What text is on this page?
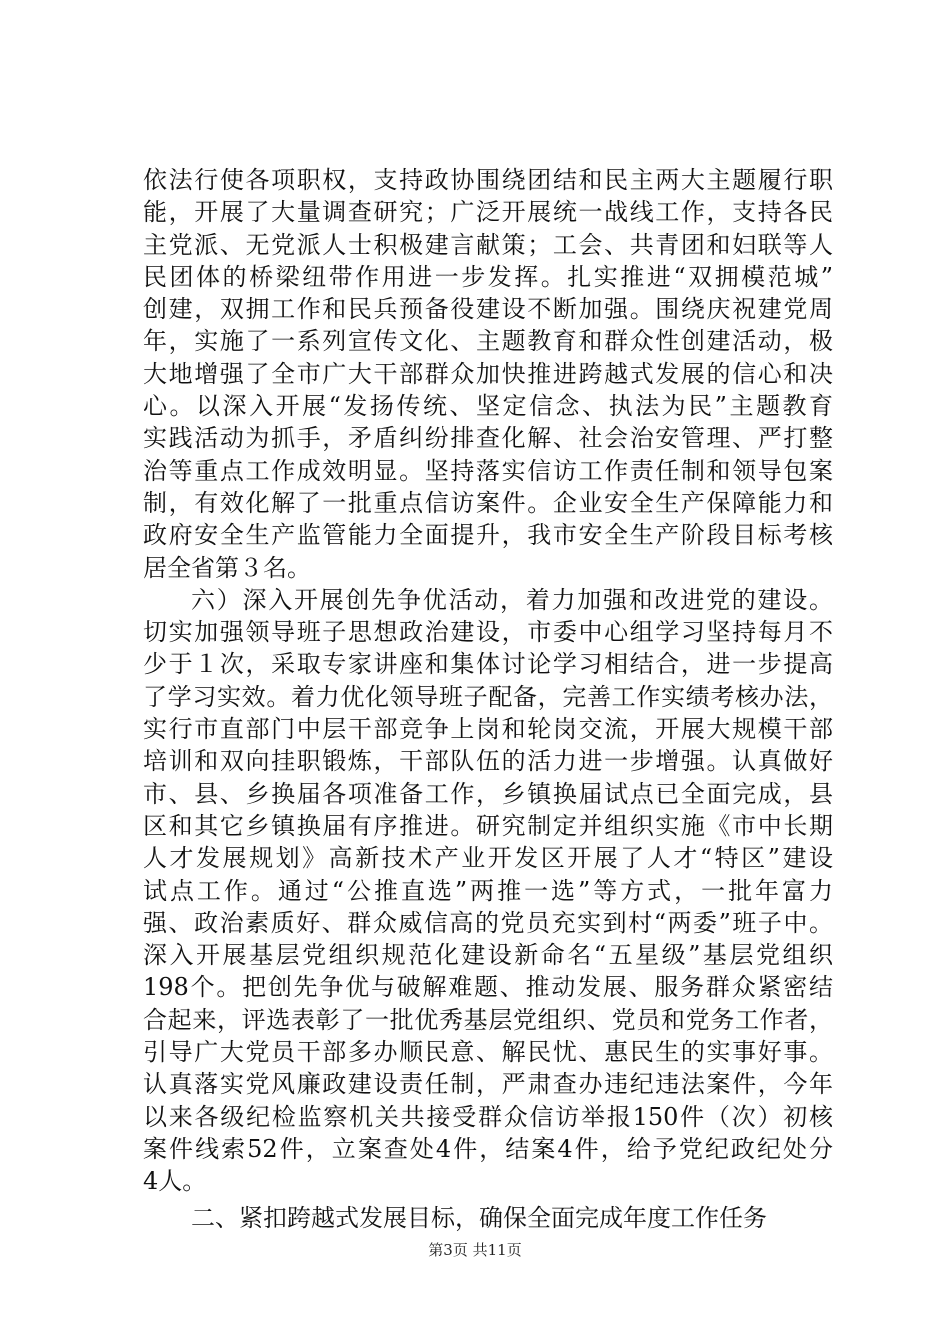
依法行使各项职权，支持政协围绕团结和民主两大主题履行职
能，开展了大量调查研究；广泛开展统一战线工作，支持各民
主党派、无党派人士积极建言献策；工会、共青团和妇联等人
民团体的桥梁纽带作用进一步发挥。扎实推进“双拥模范城”
创建，双拥工作和民兵预备役建设不断加强。围绕庆祝建党周
年，实施了一系列宣传文化、主题教育和群众性创建活动，极
大地增强了全市广大干部群众加快推进跨越式发展的信心和决
心。以深入开展“发扬传统、坚定信念、执法为民”主题教育
实践活动为抓手，矛盾纠纷排查化解、社会治安管理、严打整
治等重点工作成效明显。坚持落实信访工作责任制和领导包案
制，有效化解了一批重点信访案件。企业安全生产保障能力和
政府安全生产监管能力全面提升，我市安全生产阶段目标考核
居全省第３名。
六）深入开展创先争优活动，着力加强和改进党的建设。
切实加强领导班子思想政治建设，市委中心组学习坚持每月不
少于１次，采取专家讲座和集体讨论学习相结合，进一步提高
了学习实效。着力优化领导班子配备，完善工作实绩考核办法，
实行市直部门中层干部竞争上岗和轮岗交流，开展大规模干部
培训和双向挂职锻炼，干部队伍的活力进一步增强。认真做好
市、县、乡换届各项准备工作，乡镇换届试点已全面完成，县
区和其它乡镇换届有序推进。研究制定并组织实施《市中长期
人才发展规划》高新技术产业开发区开展了人才“特区”建设
试点工作。通过“公推直选”两推一选”等方式，一批年富力
强、政治素质好、群众威信高的党员充实到村“两委”班子中。
深入开展基层党组织规范化建设新命名“五星级”基层党组织
198个。把创先争优与破解难题、推动发展、服务群众紧密结
合起来，评选表彰了一批优秀基层党组织、党员和党务工作者，
引导广大党员干部多办顺民意、解民忧、惠民生的实事好事。
认真落实党风廉政建设责任制，严肃查办违纪违法案件，今年
以来各级纪检监察机关共接受群众信访举报150件（次）初核
案件线索52件，立案查处4件，结案4件，给予党纪政纪处分
4人。
二、紧扣跨越式发展目标，确保全面完成年度工作任务
第3页 共11页
